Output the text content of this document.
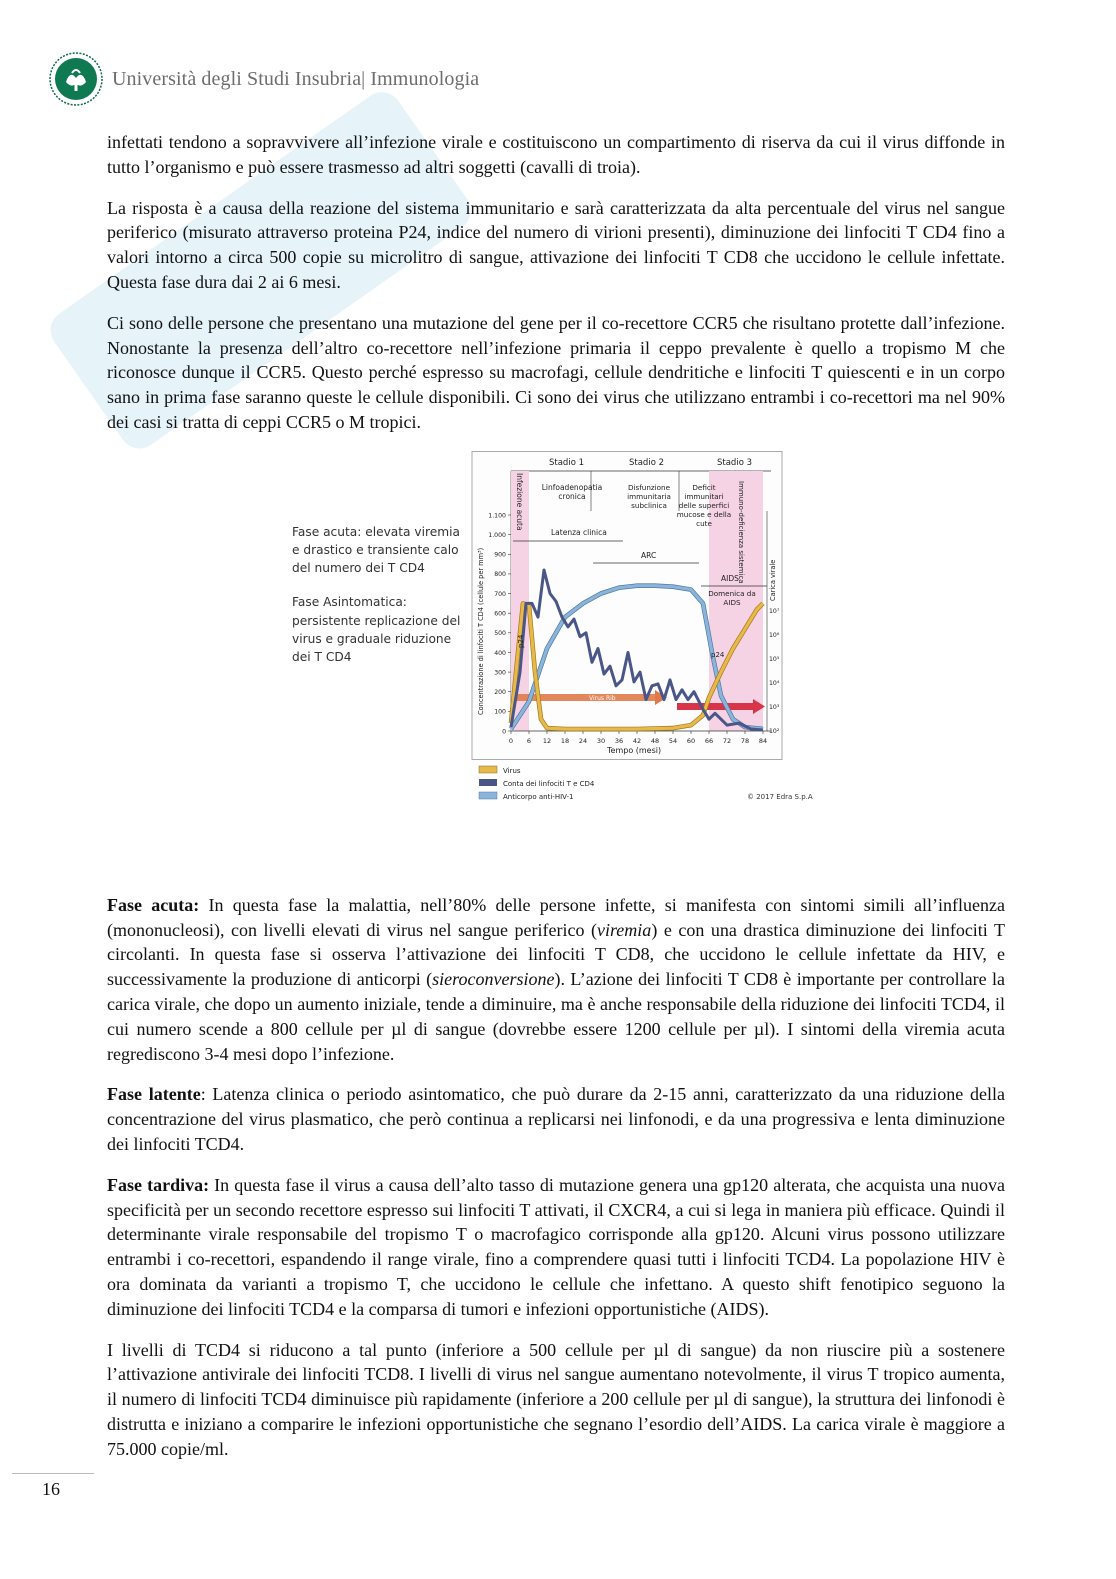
Università degli Studi Insubria| Immunologia

infettati tendono a sopravvivere all’infezione virale e costituiscono un compartimento di riserva da cui il virus diffonde in tutto l’organismo e può essere trasmesso ad altri soggetti (cavalli di troia).

La risposta è a causa della reazione del sistema immunitario e sarà caratterizzata da alta percentuale del virus nel sangue periferico (misurato attraverso proteina P24, indice del numero di virioni presenti), diminuzione dei linfociti T CD4 fino a valori intorno a circa 500 copie su microlitro di sangue, attivazione dei linfociti T CD8 che uccidono le cellule infettate. Questa fase dura dai 2 ai 6 mesi.

Ci sono delle persone che presentano una mutazione del gene per il co-recettore CCR5 che risultano protette dall’infezione. Nonostante la presenza dell’altro co-recettore nell’infezione primaria il ceppo prevalente è quello a tropismo M che riconosce dunque il CCR5. Questo perché espresso su macrofagi, cellule dendritiche e linfociti T quiescenti e in un corpo sano in prima fase saranno queste le cellule disponibili. Ci sono dei virus che utilizzano entrambi i co-recettori ma nel 90% dei casi si tratta di ceppi CCR5 o M tropici.

Fase acuta: elevata viremia e drastico e transiente calo del numero dei T CD4
Fase Asintomatica: persistente replicazione del virus e graduale riduzione dei T CD4
Stadio 1	Stadio 2	Stadio 3
Infezione acuta	Linfoadenopatia cronica
Disfunzione immunitaria subclinica
Deficit immunitari delle superfici mucose e della cute	Immuno-deficienza sistemica
Latenza clinica
ARC
AIDS
Domenica da AIDS
0 6 12 18 24 30 36 42 48 54 60 66 72 78 84
0
100
200
300
400
500
600
700
800
900
1.000
1.100
10²
10³
10⁴
10⁵
10⁶
10⁷
Tempo (mesi)
Concentrazione di linfociti T CD4 (cellule per mm³)	Carica virale
Virus Rib
p24
p24
Virus
Conta dei linfociti T e CD4
Anticorpo anti-HIV-1	© 2017 Edra S.p.A

Fase acuta: In questa fase la malattia, nell’80% delle persone infette, si manifesta con sintomi simili all’influenza (mononucleosi), con livelli elevati di virus nel sangue periferico (viremia) e con una drastica diminuzione dei linfociti T circolanti. In questa fase si osserva l’attivazione dei linfociti T CD8, che uccidono le cellule infettate da HIV, e successivamente la produzione di anticorpi (sieroconversione). L’azione dei linfociti T CD8 è importante per controllare la carica virale, che dopo un aumento iniziale, tende a diminuire, ma è anche responsabile della riduzione dei linfociti TCD4, il cui numero scende a 800 cellule per µl di sangue (dovrebbe essere 1200 cellule per µl). I sintomi della viremia acuta regrediscono 3-4 mesi dopo l’infezione.

Fase latente: Latenza clinica o periodo asintomatico, che può durare da 2-15 anni, caratterizzato da una riduzione della concentrazione del virus plasmatico, che però continua a replicarsi nei linfonodi, e da una progressiva e lenta diminuzione dei linfociti TCD4.

Fase tardiva: In questa fase il virus a causa dell’alto tasso di mutazione genera una gp120 alterata, che acquista una nuova specificità per un secondo recettore espresso sui linfociti T attivati, il CXCR4, a cui si lega in maniera più efficace. Quindi il determinante virale responsabile del tropismo T o macrofagico corrisponde alla gp120. Alcuni virus possono utilizzare entrambi i co-recettori, espandendo il range virale, fino a comprendere quasi tutti i linfociti TCD4. La popolazione HIV è ora dominata da varianti a tropismo T, che uccidono le cellule che infettano. A questo shift fenotipico seguono la diminuzione dei linfociti TCD4 e la comparsa di tumori e infezioni opportunistiche (AIDS).

I livelli di TCD4 si riducono a tal punto (inferiore a 500 cellule per µl di sangue) da non riuscire più a sostenere l’attivazione antivirale dei linfociti TCD8. I livelli di virus nel sangue aumentano notevolmente, il virus T tropico aumenta, il numero di linfociti TCD4 diminuisce più rapidamente (inferiore a 200 cellule per µl di sangue), la struttura dei linfonodi è distrutta e iniziano a comparire le infezioni opportunistiche che segnano l’esordio dell’AIDS. La carica virale è maggiore a 75.000 copie/ml.

16
